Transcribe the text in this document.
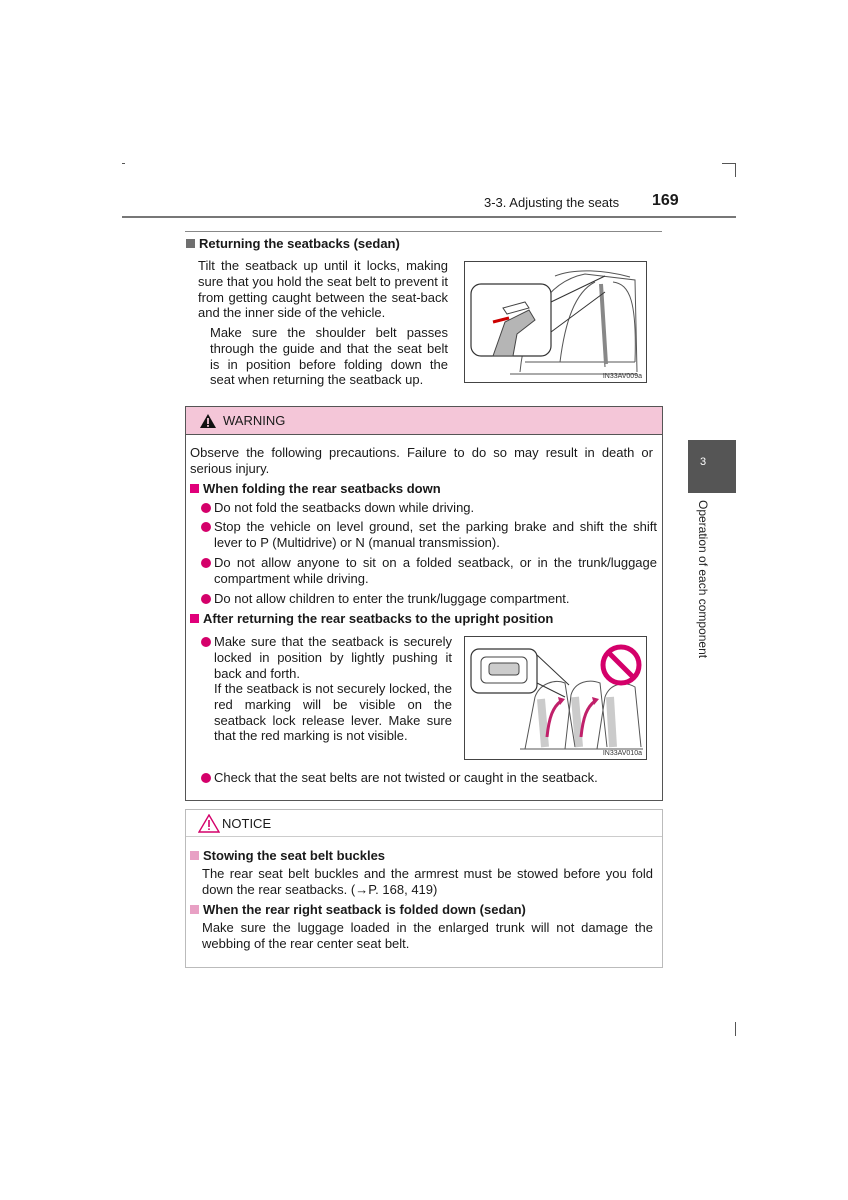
3-3. Adjusting the seats 169
3
Operation of each component
Returning the seatbacks (sedan)
Tilt the seatback up until it locks, making sure that you hold the seat belt to prevent it from getting caught between the seat-back and the inner side of the vehicle.
Make sure the shoulder belt passes through the guide and that the seat belt is in position before folding down the seat when returning the seatback up.	IN33AV009a
WARNING
Observe the following precautions. Failure to do so may result in death or serious injury.
When folding the rear seatbacks down
Do not fold the seatbacks down while driving.
Stop the vehicle on level ground, set the parking brake and shift the shift lever to P (Multidrive) or N (manual transmission).
Do not allow anyone to sit on a folded seatback, or in the trunk/luggage compartment while driving.
Do not allow children to enter the trunk/luggage compartment.
After returning the rear seatbacks to the upright position
Make sure that the seatback is securely locked in position by lightly pushing it back and forth.
If the seatback is not securely locked, the red marking will be visible on the seatback lock release lever. Make sure that the red marking is not visible.
IN33AV010a
Check that the seat belts are not twisted or caught in the seatback.
NOTICE
Stowing the seat belt buckles
The rear seat belt buckles and the armrest must be stowed before you fold down the rear seatbacks. (→P. 168, 419)
When the rear right seatback is folded down (sedan)
Make sure the luggage loaded in the enlarged trunk will not damage the webbing of the rear center seat belt.
